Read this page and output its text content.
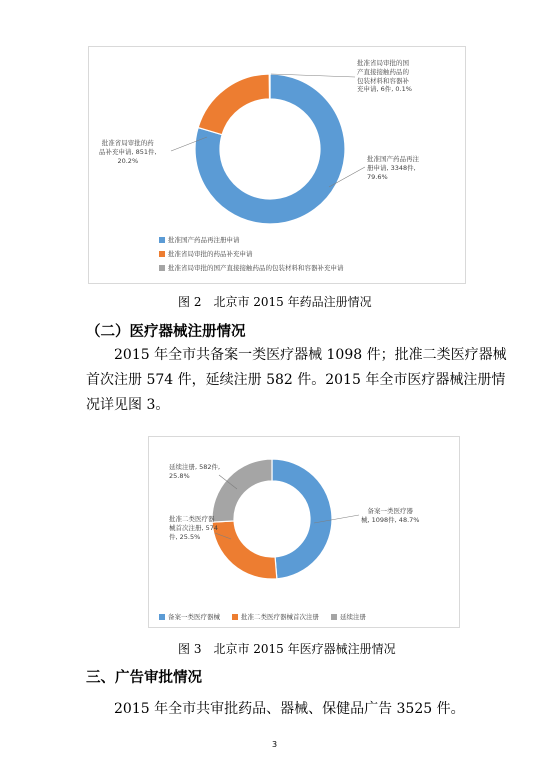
批准国产药品再注
册申请, 3348件,
79.6%
批准省局审批的药
品补充申请, 851件,
20.2%
批准省局审批的国
产直接接触药品的
包装材料和容器补
充申请, 6件, 0.1%
批准国产药品再注册申请
批准省局审批的药品补充申请
批准省局审批的国产直接接触药品的包装材料和容器补充申请
图 2　北京市 2015 年药品注册情况
（二）医疗器械注册情况
2015 年全市共备案一类医疗器械 1098 件；批准二类医疗器械
首次注册 574 件，延续注册 582 件。2015 年全市医疗器械注册情
况详见图 3。
备案一类医疗器
械, 1098件, 48.7%
批准二类医疗器
械首次注册, 574
件, 25.5%
延续注册, 582件,
25.8%
备案一类医疗器械	批准二类医疗器械首次注册	延续注册
图 3　北京市 2015 年医疗器械注册情况
三、广告审批情况
2015 年全市共审批药品、器械、保健品广告 3525 件。
3
